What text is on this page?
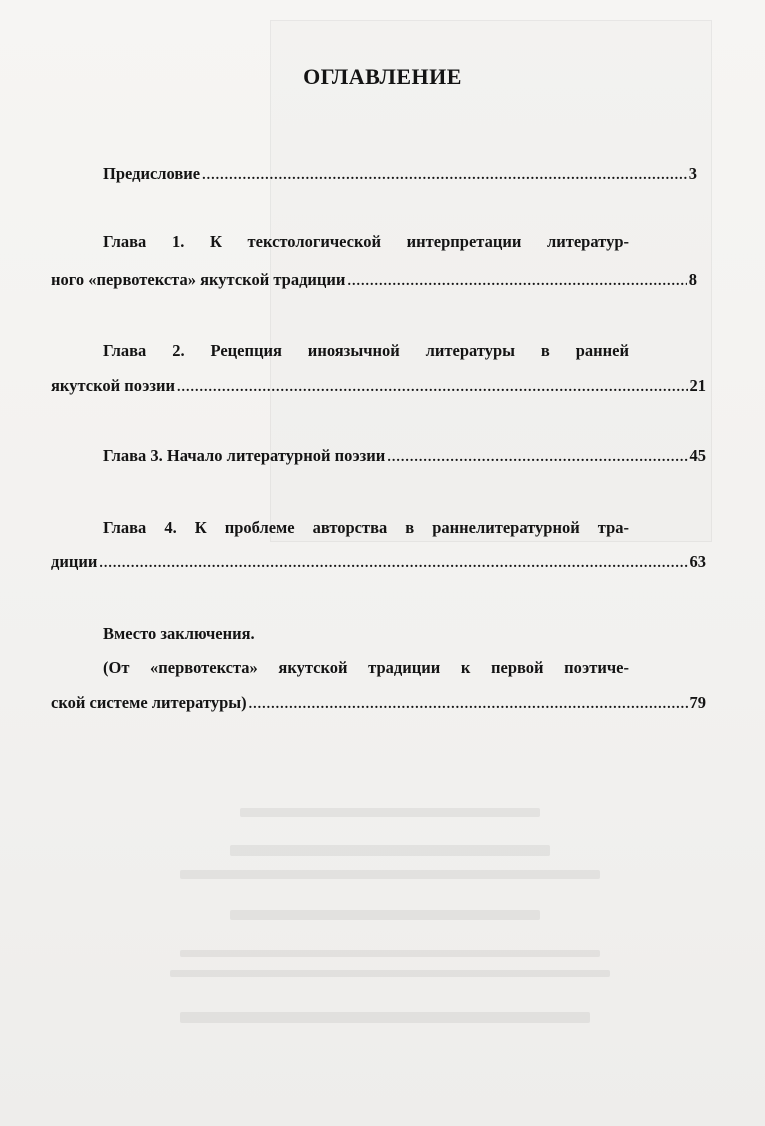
ОГЛАВЛЕНИЕ
Предисловие .....	3
Глава 1. К текстологической интерпретации литератур-
ного «первотекста» якутской традиции .....	8
Глава 2. Рецепция иноязычной литературы в ранней
якутской поэзии .....	21
Глава 3. Начало литературной поэзии .....	45
Глава 4. К проблеме авторства в раннелитературной тра-
диции .....	63
Вместо заключения.
(От «первотекста» якутской традиции к первой поэтиче-
ской системе литературы) .....	79
